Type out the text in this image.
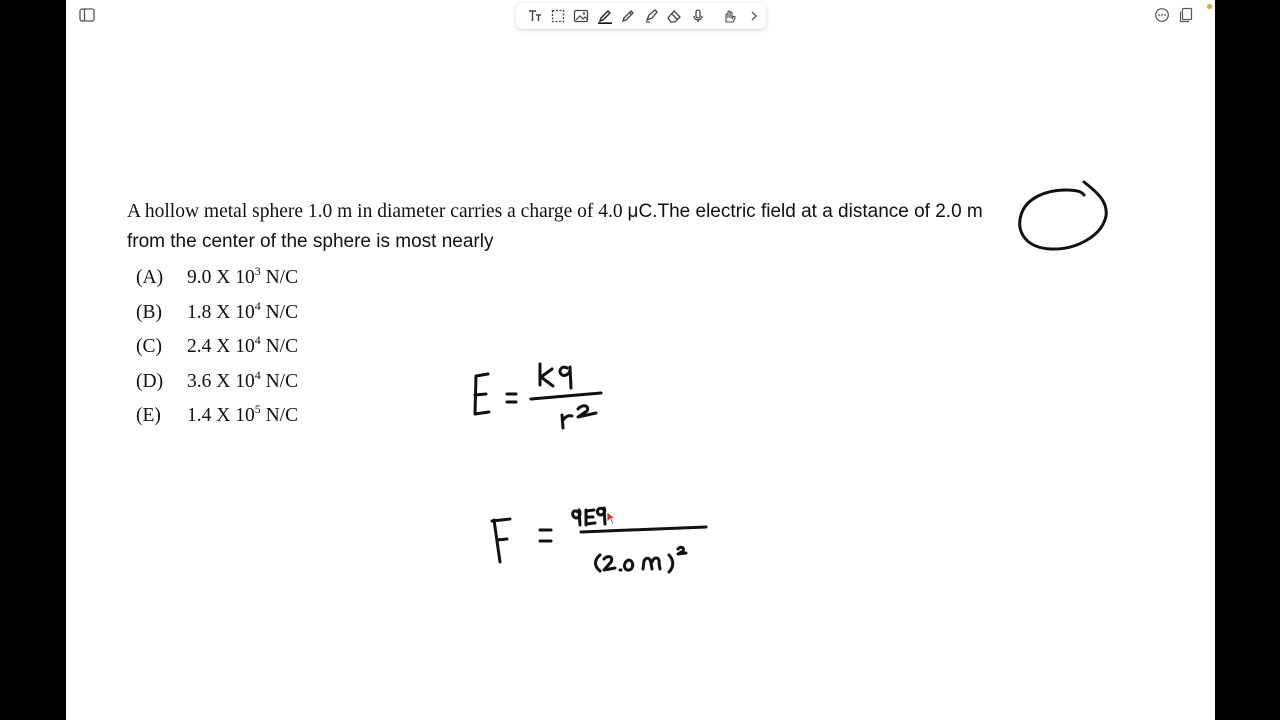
A hollow metal sphere 1.0 m in diameter carries a charge of 4.0 μC.The electric field at a distance of 2.0 m
from the center of the sphere is most nearly
(A) 9.0 X $10^3$ N/C
(B) 1.8 X $10^4$ N/C
(C) 2.4 X $10^4$ N/C
(D) 3.6 X $10^4$ N/C
(E) 1.4 X $10^5$ N/C
